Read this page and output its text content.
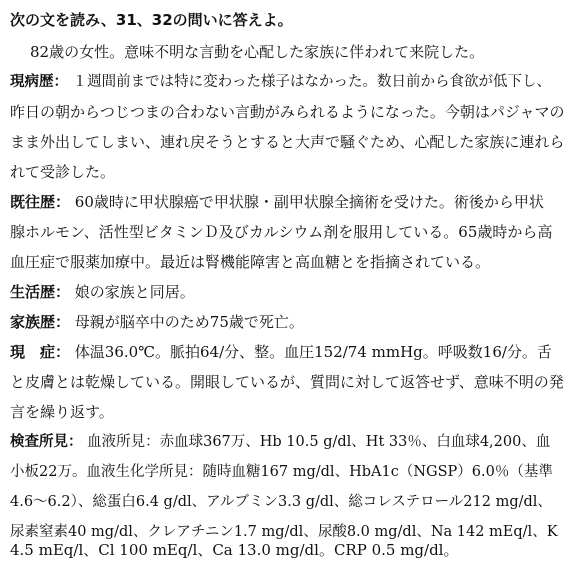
次の文を読み、31、32の問いに答えよ。
82歳の女性。意味不明な言動を心配した家族に伴われて来院した。
現病歴： １週間前までは特に変わった様子はなかった。数日前から食欲が低下し、
昨日の朝からつじつまの合わない言動がみられるようになった。今朝はパジャマの
まま外出してしまい、連れ戻そうとすると大声で騒ぐため、心配した家族に連れら
れて受診した。
既往歴： 60歳時に甲状腺癌で甲状腺・副甲状腺全摘術を受けた。術後から甲状
腺ホルモン、活性型ビタミンＤ及びカルシウム剤を服用している。65歳時から高
血圧症で服薬加療中。最近は腎機能障害と高血糖とを指摘されている。
生活歴： 娘の家族と同居。
家族歴： 母親が脳卒中のため75歳で死亡。
現　症： 体温36.0℃。脈拍64/分、整。血圧152/74 mmHg。呼吸数16/分。舌
と皮膚とは乾燥している。開眼しているが、質問に対して返答せず、意味不明の発
言を繰り返す。
検査所見： 血液所見：赤血球367万、Hb 10.5 g/dl、Ht 33％、白血球4,200、血
小板22万。血液生化学所見：随時血糖167 mg/dl、HbA1c（NGSP）6.0％（基準
4.6〜6.2）、総蛋白6.4 g/dl、アルブミン3.3 g/dl、総コレステロール212 mg/dl、
尿素窒素40 mg/dl、クレアチニン1.7 mg/dl、尿酸8.0 mg/dl、Na 142 mEq/l、K
4.5 mEq/l、Cl 100 mEq/l、Ca 13.0 mg/dl。CRP 0.5 mg/dl。
